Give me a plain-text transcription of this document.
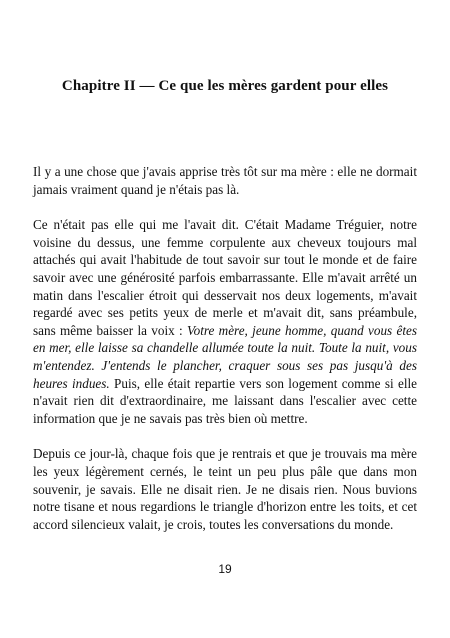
Chapitre II — Ce que les mères gardent pour elles

Il y a une chose que j'avais apprise très tôt sur ma mère : elle ne dormait jamais vraiment quand je n'étais pas là.

Ce n'était pas elle qui me l'avait dit. C'était Madame Tréguier, notre voisine du dessus, une femme corpulente aux cheveux toujours mal attachés qui avait l'habitude de tout savoir sur tout le monde et de faire savoir avec une générosité parfois embarrassante. Elle m'avait arrêté un matin dans l'escalier étroit qui desservait nos deux logements, m'avait regardé avec ses petits yeux de merle et m'avait dit, sans préambule, sans même baisser la voix : Votre mère, jeune homme, quand vous êtes en mer, elle laisse sa chandelle allumée toute la nuit. Toute la nuit, vous m'entendez. J'entends le plancher, craquer sous ses pas jusqu'à des heures indues. Puis, elle était repartie vers son logement comme si elle n'avait rien dit d'extraordinaire, me laissant dans l'escalier avec cette information que je ne savais pas très bien où mettre.

Depuis ce jour-là, chaque fois que je rentrais et que je trouvais ma mère les yeux légèrement cernés, le teint un peu plus pâle que dans mon souvenir, je savais. Elle ne disait rien. Je ne disais rien. Nous buvions notre tisane et nous regardions le triangle d'horizon entre les toits, et cet accord silencieux valait, je crois, toutes les conversations du monde.

19
